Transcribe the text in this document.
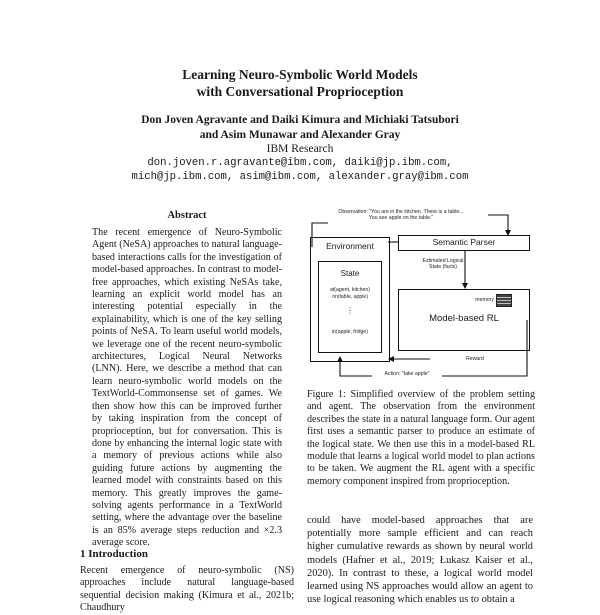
Learning Neuro-Symbolic World Models
with Conversational Proprioception
Don Joven Agravante and Daiki Kimura and Michiaki Tatsubori
and Asim Munawar and Alexander Gray
IBM Research
don.joven.r.agravante@ibm.com, daiki@jp.ibm.com,
mich@jp.ibm.com, asim@ibm.com, alexander.gray@ibm.com
Abstract

The recent emergence of Neuro-Symbolic Agent (NeSA) approaches to natural language-based interactions calls for the investigation of model-based approaches. In contrast to model-free approaches, which existing NeSAs take, learning an explicit world model has an interesting potential especially in the explainability, which is one of the key selling points of NeSA. To learn useful world models, we leverage one of the recent neuro-symbolic architectures, Logical Neural Networks (LNN). Here, we describe a method that can learn neuro-symbolic world models on the TextWorld-Commonsense set of games. We then show how this can be improved further by taking inspiration from the concept of proprioception, but for conversation. This is done by enhancing the internal logic state with a memory of previous actions while also guiding future actions by augmenting the learned model with constraints based on this memory. This greatly improves the game-solving agents performance in a TextWorld setting, where the advantage over the baseline is an 85% average steps reduction and ×2.3 average score.

1 Introduction

Recent emergence of neuro-symbolic (NS) approaches include natural language-based sequential decision making (Kimura et al., 2021b; Chaudhury

Observation: "You are in the kitchen. There is a table... You see apple on the table."
Environment
State
at(agent, kitchen)
on(table, apple)
⋮
in(apple, fridge)
Semantic Parser
Estimated Logical State (facts)
memory
Model-based RL
Reward
Action: "take apple"

Figure 1: Simplified overview of the problem setting and agent. The observation from the environment describes the state in a natural language form. Our agent first uses a semantic parser to produce an estimate of the logical state. We then use this in a model-based RL module that learns a logical world model to plan actions to be taken. We augment the RL agent with a specific memory component inspired from proprioception.

could have model-based approaches that are potentially more sample efficient and can reach higher cumulative rewards as shown by neural world models (Hafner et al., 2019; Łukasz Kaiser et al., 2020). In contrast to these, a logical world model learned using NS approaches would allow an agent to use logical reasoning which enables us to obtain a
